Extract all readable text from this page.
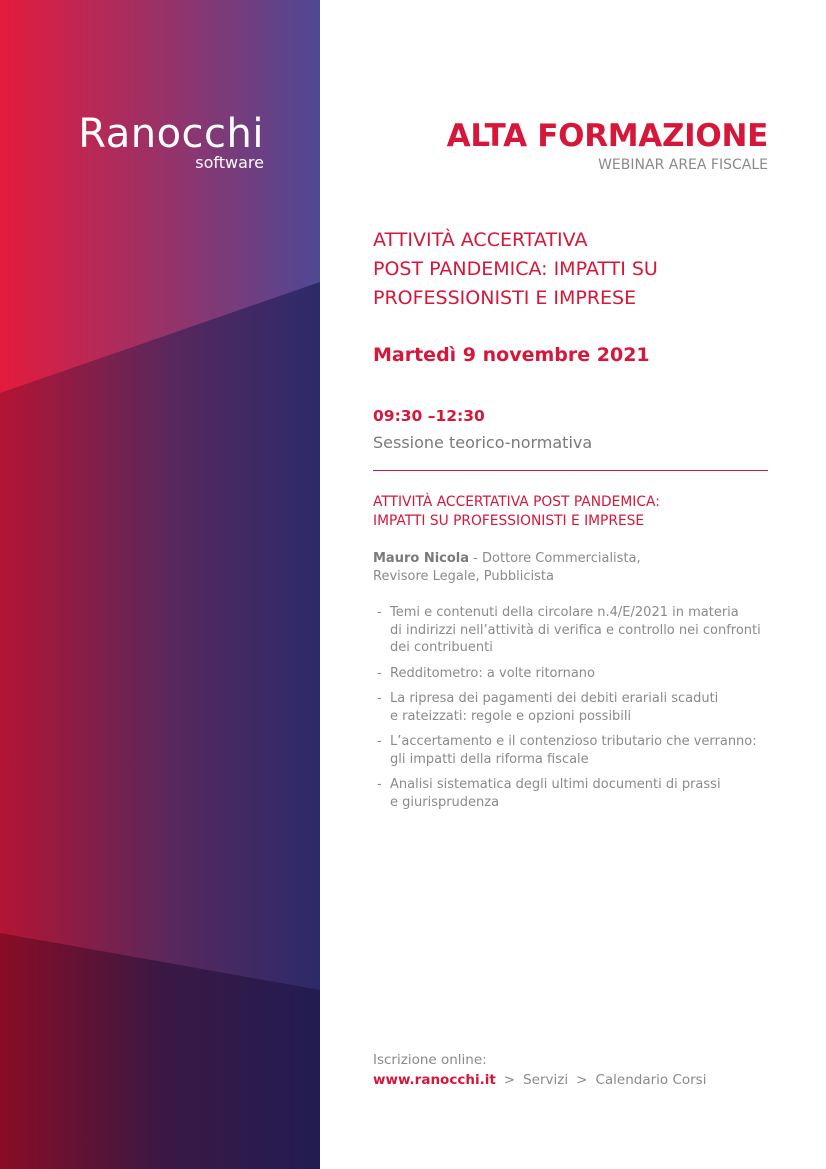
Ranocchi
software
ALTA FORMAZIONE
WEBINAR AREA FISCALE
ATTIVITÀ ACCERTATIVA
POST PANDEMICA: IMPATTI SU
PROFESSIONISTI E IMPRESE
Martedì 9 novembre 2021
09:30 –12:30
Sessione teorico-normativa
ATTIVITÀ ACCERTATIVA POST PANDEMICA:
IMPATTI SU PROFESSIONISTI E IMPRESE
Mauro Nicola - Dottore Commercialista,
Revisore Legale, Pubblicista
- Temi e contenuti della circolare n.4/E/2021 in materia
di indirizzi nell’attività di verifica e controllo nei confronti
dei contribuenti
- Redditometro: a volte ritornano
- La ripresa dei pagamenti dei debiti erariali scaduti
e rateizzati: regole e opzioni possibili
- L’accertamento e il contenzioso tributario che verranno:
gli impatti della riforma fiscale
- Analisi sistematica degli ultimi documenti di prassi
e giurisprudenza
Iscrizione online:
www.ranocchi.it > Servizi > Calendario Corsi
